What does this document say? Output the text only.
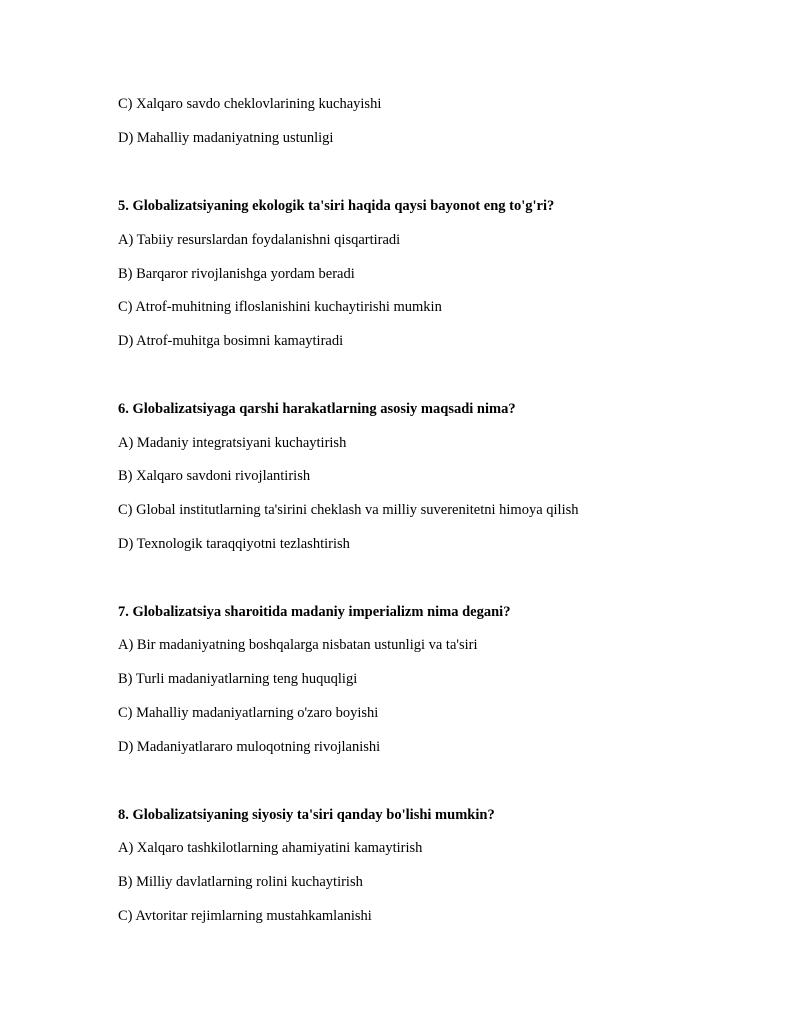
C) Xalqaro savdo cheklovlarining kuchayishi
D) Mahalliy madaniyatning ustunligi
5. Globalizatsiyaning ekologik ta'siri haqida qaysi bayonot eng to'g'ri?
A) Tabiiy resurslardan foydalanishni qisqartiradi
B) Barqaror rivojlanishga yordam beradi
C) Atrof-muhitning ifloslanishini kuchaytirishi mumkin
D) Atrof-muhitga bosimni kamaytiradi
6. Globalizatsiyaga qarshi harakatlarning asosiy maqsadi nima?
A) Madaniy integratsiyani kuchaytirish
B) Xalqaro savdoni rivojlantirish
C) Global institutlarning ta'sirini cheklash va milliy suverenitetni himoya qilish
D) Texnologik taraqqiyotni tezlashtirish
7. Globalizatsiya sharoitida madaniy imperializm nima degani?
A) Bir madaniyatning boshqalarga nisbatan ustunligi va ta'siri
B) Turli madaniyatlarning teng huquqligi
C) Mahalliy madaniyatlarning o'zaro boyishi
D) Madaniyatlararo muloqotning rivojlanishi
8. Globalizatsiyaning siyosiy ta'siri qanday bo'lishi mumkin?
A) Xalqaro tashkilotlarning ahamiyatini kamaytirish
B) Milliy davlatlarning rolini kuchaytirish
C) Avtoritar rejimlarning mustahkamlanishi
